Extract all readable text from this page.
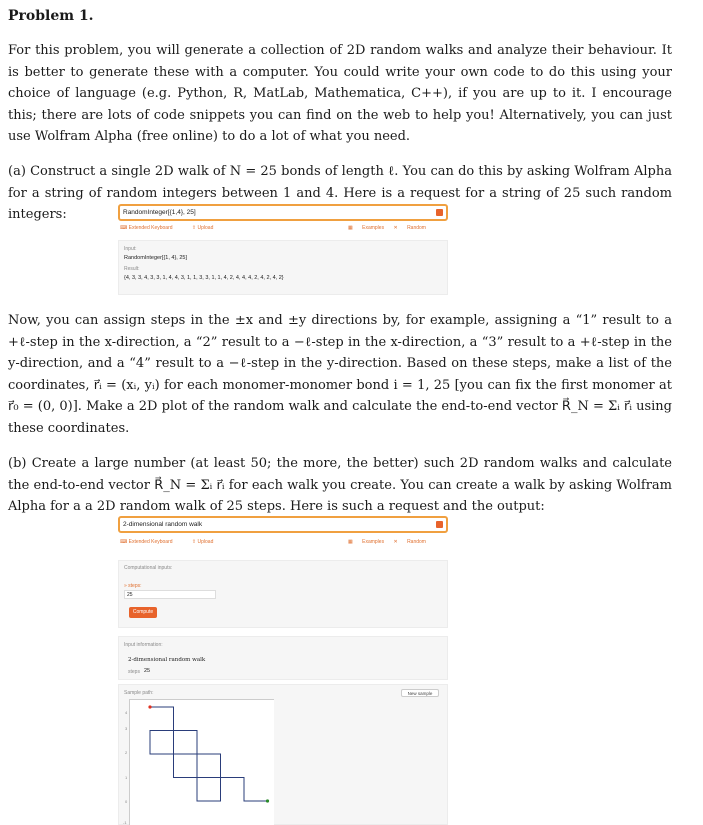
Problem 1.

For this problem, you will generate a collection of 2D random walks and analyze their behaviour. It is better to generate these with a computer. You could write your own code to do this using your choice of language (e.g. Python, R, MatLab, Mathematica, C++), if you are up to it. I encourage this; there are lots of code snippets you can find on the web to help you! Alternatively, you can just use Wolfram Alpha (free online) to do a lot of what you need.

(a) Construct a single 2D walk of N = 25 bonds of length ℓ. You can do this by asking Wolfram Alpha for a string of random integers between 1 and 4. Here is a request for a string of 25 such random integers:	RandomInteger[{1,4}, 25]
⌨ Extended Keyboard	⇧ Upload	▦ Examples ✕ Random
Input:
RandomInteger[{1, 4}, 25]
Result:
{4, 3, 3, 4, 3, 3, 1, 4, 4, 3, 1, 1, 3, 3, 1, 1, 4, 2, 4, 4, 4, 2, 4, 2, 4, 2}

Now, you can assign steps in the ±x and ±y directions by, for example, assigning a “1” result to a +ℓ-step in the x-direction, a “2” result to a −ℓ-step in the x-direction, a “3” result to a +ℓ-step in the y-direction, and a “4” result to a −ℓ-step in the y-direction. Based on these steps, make a list of the coordinates, r⃗ᵢ = (xᵢ, yᵢ) for each monomer-monomer bond i = 1, 25 [you can fix the first monomer at r⃗₀ = (0, 0)]. Make a 2D plot of the random walk and calculate the end-to-end vector R⃗_N = Σᵢ r⃗ᵢ using these coordinates.

(b) Create a large number (at least 50; the more, the better) such 2D random walks and calculate the end-to-end vector R⃗_N = Σᵢ r⃗ᵢ for each walk you create. You can create a walk by asking Wolfram Alpha for a a 2D random walk of 25 steps. Here is such a request and the output:

2-dimensional random walk
⌨ Extended Keyboard	⇧ Upload	▦ Examples ✕ Random
Computational inputs:
» steps:
25
Compute
Input information:
2-dimensional random walk
steps 25
Sample path:	New sample
4
3
2
1
0
-1
